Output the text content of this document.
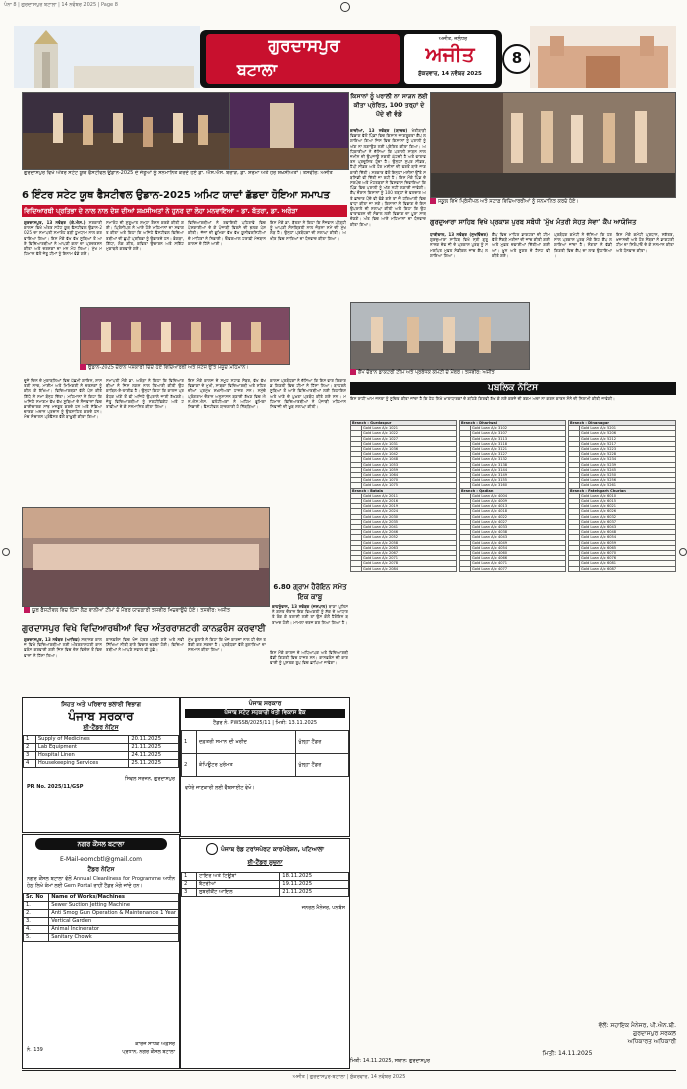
ਪੰਨਾ 8 | ਗੁਰਦਾਸਪੁਰ ਬਟਾਲਾ | 14 ਨਵੰਬਰ 2025 | Page 8
ਗੁਰਦਾਸਪੁਰ
ਬਟਾਲਾ
ਅਜੀਤ, ਜਲੰਧਰ
ਅਜੀਤ
ਸ਼ੁੱਕਰਵਾਰ, 14 ਨਵੰਬਰ 2025
8
ਗੁਰਦਾਸਪੁਰ ਵਿਖੇ ਅੰਤਰ ਸਟੇਟ ਯੂਥ ਫੈਸਟੀਵਲ ਉਡਾਨ-2025 ਦੇ ਜੇਤੂਆਂ ਨੂੰ ਸਨਮਾਨਿਤ ਕਰਦੇ ਹੋਏ ਡਾ. ਐਸ.ਐਸ. ਬਰਾੜ, ਡਾ. ਸ਼ਰਮਾ ਅਤੇ ਹੋਰ ਸ਼ਖ਼ਸੀਅਤਾਂ। ਤਸਵੀਰ: ਅਜੀਤ
6 ਇੰਟਰ ਸਟੇਟ ਯੂਥ ਫੈਸਟੀਵਲ ਉਡਾਨ-2025 ਅਮਿਟ ਯਾਦਾਂ ਛੱਡਦਾ ਹੋਇਆ ਸਮਾਪਤ
ਵਿਦਿਆਰਥੀ ਪ੍ਰਤਿਭਾ ਦੇ ਨਾਲ ਨਾਲ ਦੇਸ਼ ਦੀਆਂ ਸ਼ਖ਼ਸੀਅਤਾਂ ਨੇ ਹੁਨਰ ਦਾ ਲੋਹਾ ਮਨਵਾਇਆ - ਡਾ. ਬੱਤਰਾ, ਡਾ. ਅਰੋੜਾ
ਗੁਰਦਾਸਪੁਰ, 13 ਨਵੰਬਰ (ਕੇ.ਐਸ.) ਸਰਕਾਰੀ ਕਾਲਜ ਵਿਖੇ ਅੰਤਰ ਸਟੇਟ ਯੂਥ ਫੈਸਟੀਵਲ ਉਡਾਨ-2025 ਦਾ ਸਮਾਪਤੀ ਸਮਾਰੋਹ ਬੜੀ ਧੂਮਧਾਮ ਨਾਲ ਕਰਵਾਇਆ ਗਿਆ। ਇਸ ਮੌਕੇ ਵੱਖ ਵੱਖ ਸੂਬਿਆਂ ਤੋਂ ਆਏ ਵਿਦਿਆਰਥੀਆਂ ਨੇ ਆਪਣੀ ਕਲਾ ਦਾ ਪ੍ਰਦਰਸ਼ਨ ਕੀਤਾ ਅਤੇ ਦਰਸ਼ਕਾਂ ਦਾ ਮਨ ਮੋਹ ਲਿਆ। ਮੁੱਖ ਮਹਿਮਾਨ ਵੱਲੋਂ ਜੇਤੂ ਟੀਮਾਂ ਨੂੰ ਇਨਾਮ ਵੰਡੇ ਗਏ।
ਸਮਾਰੋਹ ਦੀ ਸ਼ੁਰੂਆਤ ਸ਼ਮ੍ਹਾ ਰੌਸ਼ਨ ਕਰਕੇ ਕੀਤੀ ਗਈ। ਪ੍ਰਿੰਸੀਪਲ ਨੇ ਆਏ ਹੋਏ ਮਹਿਮਾਨਾਂ ਦਾ ਸਵਾਗਤ ਕੀਤਾ ਅਤੇ ਕਿਹਾ ਕਿ ਅਜਿਹੇ ਫੈਸਟੀਵਲ ਵਿਦਿਆਰਥੀਆਂ ਦੀ ਛੁਪੀ ਪ੍ਰਤਿਭਾ ਨੂੰ ਉਭਾਰਦੇ ਹਨ। ਭੰਗੜਾ, ਗਿੱਧਾ, ਲੋਕ ਗੀਤ, ਕਵਿਤਾ ਉਚਾਰਨ ਅਤੇ ਸਕਿੱਟ ਮੁਕਾਬਲੇ ਕਰਵਾਏ ਗਏ।
ਵਿਦਿਆਰਥੀਆਂ ਨੇ ਰਵਾਇਤੀ ਪਹਿਰਾਵੇ ਵਿਚ ਪੇਸ਼ਕਾਰੀਆਂ ਦੇ ਕੇ ਪੰਜਾਬੀ ਵਿਰਸੇ ਦੀ ਝਲਕ ਪੇਸ਼ ਕੀਤੀ। ਜੱਜਾਂ ਦੀ ਭੂਮਿਕਾ ਵੱਖ ਵੱਖ ਯੂਨੀਵਰਸਿਟੀਆਂ ਦੇ ਮਾਹਿਰਾਂ ਨੇ ਨਿਭਾਈ। ਓਵਰਆਲ ਟਰਾਫ਼ੀ ਮੇਜ਼ਬਾਨ ਕਾਲਜ ਦੇ ਹਿੱਸੇ ਆਈ।
ਇਸ ਮੌਕੇ ਡਾ. ਬੱਤਰਾ ਨੇ ਕਿਹਾ ਕਿ ਨੌਜਵਾਨ ਪੀੜ੍ਹੀ ਨੂੰ ਆਪਣੀ ਸੰਸਕ੍ਰਿਤੀ ਨਾਲ ਜੋੜਨਾ ਸਮੇਂ ਦੀ ਮੁੱਖ ਲੋੜ ਹੈ। ਉਨ੍ਹਾਂ ਪ੍ਰਬੰਧਕਾਂ ਦੀ ਸ਼ਲਾਘਾ ਕੀਤੀ। ਅਖੀਰ ਵਿਚ ਸਾਰਿਆਂ ਦਾ ਧੰਨਵਾਦ ਕੀਤਾ ਗਿਆ।
ਉਡਾਨ-2025 ਦੌਰਾਨ ਪੇਸ਼ਕਾਰੀ ਦਿੰਦੇ ਹੋਏ ਵਿਦਿਆਰਥੀ ਅਤੇ ਸਟੇਜ ਉੱਤੇ ਮੌਜੂਦ ਮਹਿਮਾਨ।
ਦੂਜੇ ਦਿਨ ਦੇ ਮੁਕਾਬਲਿਆਂ ਵਿਚ ਪੱਛਮੀ ਗਾਇਨ, ਸ਼ਾਸਤਰੀ ਨਾਚ, ਮਾਈਮ ਅਤੇ ਮਿਮਿਕਰੀ ਨੇ ਦਰਸ਼ਕਾਂ ਨੂੰ ਕੀਲ ਕੇ ਰੱਖਿਆ। ਵਿਦਿਆਰਥਣਾਂ ਵੱਲੋਂ ਪੇਸ਼ ਕੀਤੇ ਗਿੱਧੇ ਨੇ ਸਮਾਂ ਬੰਨ੍ਹ ਦਿੱਤਾ। ਮਹਿਮਾਨਾਂ ਨੇ ਕਿਹਾ ਕਿ ਅਜਿਹੇ ਸਮਾਗਮ ਵੱਖ ਵੱਖ ਸੂਬਿਆਂ ਦੇ ਨੌਜਵਾਨਾਂ ਵਿਚ ਭਾਈਚਾਰਕ ਸਾਂਝ ਮਜ਼ਬੂਤ ਕਰਦੇ ਹਨ ਅਤੇ ਸੱਭਿਆਚਾਰਕ ਅਦਾਨ ਪ੍ਰਦਾਨ ਨੂੰ ਉਤਸ਼ਾਹਿਤ ਕਰਦੇ ਹਨ। ਮੰਚ ਸੰਚਾਲਨ ਪ੍ਰੋਫੈਸਰ ਵੱਲੋਂ ਬਾਖ਼ੂਬੀ ਕੀਤਾ ਗਿਆ।
ਸਮਾਪਤੀ ਮੌਕੇ ਡਾ. ਅਰੋੜਾ ਨੇ ਕਿਹਾ ਕਿ ਵਿਦਿਆਰਥੀਆਂ ਨੇ ਜਿਸ ਲਗਨ ਨਾਲ ਤਿਆਰੀ ਕੀਤੀ ਉਹ ਕਾਬਿਲ-ਏ-ਤਾਰੀਫ਼ ਹੈ। ਉਨ੍ਹਾਂ ਕਿਹਾ ਕਿ ਕਾਲਜ ਪ੍ਰਬੰਧਕ ਅੱਗੇ ਤੋਂ ਵੀ ਅਜਿਹੇ ਉਪਰਾਲੇ ਜਾਰੀ ਰੱਖਣਗੇ। ਜੇਤੂ ਵਿਦਿਆਰਥੀਆਂ ਨੂੰ ਸਰਟੀਫਿਕੇਟ ਅਤੇ ਟਰਾਫ਼ੀਆਂ ਦੇ ਕੇ ਸਨਮਾਨਿਤ ਕੀਤਾ ਗਿਆ।
ਇਸ ਮੌਕੇ ਕਾਲਜ ਦੇ ਸਮੂਹ ਸਟਾਫ਼ ਮੈਂਬਰ, ਵੱਖ ਵੱਖ ਵਿਭਾਗਾਂ ਦੇ ਮੁਖੀ, ਸਾਬਕਾ ਵਿਦਿਆਰਥੀ ਅਤੇ ਸ਼ਹਿਰ ਦੀਆਂ ਪ੍ਰਮੁੱਖ ਸ਼ਖ਼ਸੀਅਤਾਂ ਹਾਜ਼ਰ ਸਨ। ਸਮੁੱਚੇ ਪ੍ਰੋਗਰਾਮ ਦੌਰਾਨ ਅਨੁਸ਼ਾਸਨ ਬਣਾਈ ਰੱਖਣ ਵਿਚ ਐਨ.ਐਸ.ਐਸ. ਵਲੰਟੀਅਰਾਂ ਨੇ ਅਹਿਮ ਭੂਮਿਕਾ ਨਿਭਾਈ। ਫੈਸਟੀਵਲ ਯਾਦਗਾਰੀ ਹੋ ਨਿੱਬੜਿਆ।
ਕਾਲਜ ਪ੍ਰਬੰਧਕਾਂ ਨੇ ਦੱਸਿਆ ਕਿ ਇਸ ਵਾਰ ਰਿਕਾਰਡ ਗਿਣਤੀ ਵਿਚ ਟੀਮਾਂ ਨੇ ਹਿੱਸਾ ਲਿਆ। ਬਾਹਰਲੇ ਸੂਬਿਆਂ ਤੋਂ ਆਏ ਵਿਦਿਆਰਥੀਆਂ ਲਈ ਰਿਹਾਇਸ਼ ਅਤੇ ਖਾਣੇ ਦੇ ਪੁਖ਼ਤਾ ਪ੍ਰਬੰਧ ਕੀਤੇ ਗਏ ਸਨ। ਮਹਿਮਾਨ ਵਿਦਿਆਰਥੀਆਂ ਨੇ ਪੰਜਾਬੀ ਮਹਿਮਾਨ ਨਿਵਾਜ਼ੀ ਦੀ ਖੂਬ ਸ਼ਲਾਘਾ ਕੀਤੀ।
ਯੂਥ ਫੈਸਟੀਵਲ ਵਿਚ ਹਿੱਸਾ ਲੈਣ ਵਾਲੀਆਂ ਟੀਮਾਂ ਦੇ ਮੈਂਬਰ ਯਾਦਗਾਰੀ ਤਸਵੀਰ ਖਿਚਵਾਉਂਦੇ ਹੋਏ। ਤਸਵੀਰ: ਅਜੀਤ
6.80 ਗ੍ਰਾਮ ਹੈਰੋਇਨ ਸਮੇਤ ਇਕ ਕਾਬੂ
ਕਾਹਨੂੰਵਾਨ, 13 ਨਵੰਬਰ (ਜਸਪਾਲ) ਥਾਣਾ ਪੁਲਿਸ ਨੇ ਗਸ਼ਤ ਦੌਰਾਨ ਇਕ ਵਿਅਕਤੀ ਨੂੰ ਸ਼ੱਕ ਦੇ ਆਧਾਰ ਤੇ ਰੋਕ ਕੇ ਤਲਾਸ਼ੀ ਲਈ ਤਾਂ ਉਸ ਕੋਲੋਂ ਹੈਰੋਇਨ ਬਰਾਮਦ ਹੋਈ। ਮਾਮਲਾ ਦਰਜ ਕਰ ਲਿਆ ਗਿਆ ਹੈ।
ਗੁਰਦਾਸਪੁਰ ਵਿਖੇ ਵਿਦਿਆਰਥੀਆਂ ਵਿਚ ਅੰਤਰਰਾਸ਼ਟਰੀ ਕਾਨਫ਼ਰੰਸ ਕਰਵਾਈ
ਗੁਰਦਾਸਪੁਰ, 13 ਨਵੰਬਰ (ਆਰਿਫ਼) ਸਥਾਨਕ ਕਾਲਜ ਵਿਖੇ ਵਿਦਿਆਰਥੀਆਂ ਲਈ ਅੰਤਰਰਾਸ਼ਟਰੀ ਕਾਨਫ਼ਰੰਸ ਕਰਵਾਈ ਗਈ ਜਿਸ ਵਿਚ ਦੇਸ਼ ਵਿਦੇਸ਼ ਤੋਂ ਵਿਦਵਾਨਾਂ ਨੇ ਹਿੱਸਾ ਲਿਆ।
ਕਾਨਫ਼ਰੰਸ ਵਿਚ ਖੋਜ ਪੱਤਰ ਪੜ੍ਹੇ ਗਏ ਅਤੇ ਨਵੀਂ ਸਿੱਖਿਆ ਨੀਤੀ ਬਾਰੇ ਵਿਚਾਰ ਚਰਚਾ ਹੋਈ। ਵਿਦਿਆਰਥੀਆਂ ਨੇ ਆਪਣੇ ਸਵਾਲ ਵੀ ਪੁੱਛੇ।
ਮੁੱਖ ਬੁਲਾਰੇ ਨੇ ਕਿਹਾ ਕਿ ਖੋਜ ਕਾਰਜਾਂ ਨਾਲ ਹੀ ਦੇਸ਼ ਤਰੱਕੀ ਕਰ ਸਕਦਾ ਹੈ। ਪ੍ਰਬੰਧਕਾਂ ਵੱਲੋਂ ਬੁਲਾਰਿਆਂ ਦਾ ਸਨਮਾਨ ਕੀਤਾ ਗਿਆ।
ਇਸ ਮੌਕੇ ਕਾਲਜ ਦੇ ਅਧਿਆਪਕ ਅਤੇ ਵਿਦਿਆਰਥੀ ਵੱਡੀ ਗਿਣਤੀ ਵਿਚ ਹਾਜ਼ਰ ਸਨ। ਕਾਨਫ਼ਰੰਸ ਦੀ ਕਾਰਵਾਈ ਨੂੰ ਪੁਸਤਕ ਰੂਪ ਵਿਚ ਛਾਪਿਆ ਜਾਵੇਗਾ।
ਸਿਹਤ ਅਤੇ ਪਰਿਵਾਰ ਭਲਾਈ ਵਿਭਾਗ
ਪੰਜਾਬ ਸਰਕਾਰ
ਈ-ਟੈਂਡਰ ਨੋਟਿਸ
1	Supply of Medicines	20.11.2025
2	Lab Equipment	21.11.2025
3	Hospital Linen	24.11.2025
4	Housekeeping Services	25.11.2025
ਸਿਵਲ ਸਰਜਨ, ਗੁਰਦਾਸਪੁਰ
PR No. 2025/11/GSP
ਨਗਰ ਕੌਂਸਲ ਬਟਾਲਾ
E-Mail-eomcbtl@gmail.com
ਟੈਂਡਰ ਨੋਟਿਸ
ਨਗਰ ਕੌਂਸਲ ਬਟਾਲਾ ਵੱਲੋਂ Annual Cleanliness for Programme ਅਧੀਨ ਹੇਠ ਲਿਖੇ ਕੰਮਾਂ ਲਈ Gem Portal ਰਾਹੀਂ ਟੈਂਡਰ ਮੰਗੇ ਜਾਂਦੇ ਹਨ।
Sr. No	Name of Works/Machines
1.	Sewer Suction Jetting Machine
2.	Anti Smog Gun Operation & Maintenance 1 Year
3.	Vertical Garden
4.	Animal Incinerator
5.	Sanitary Chowk
ਨੰ. 139
ਕਾਰਜ ਸਾਧਕ ਅਫ਼ਸਰ
ਪ੍ਰਧਾਨ, ਨਗਰ ਕੌਂਸਲ ਬਟਾਲਾ
ਪੰਜਾਬ ਸਰਕਾਰ
ਪੰਜਾਬ ਸਟੇਟ ਸਹਕਾਰੀ ਖੇਤੀ ਵਿਕਾਸ ਬੈਂਕ
ਟੈਂਡਰ ਨੰ. PWSSB/2025/11 | ਮਿਤੀ: 13.11.2025
1	ਦਫ਼ਤਰੀ ਸਮਾਨ ਦੀ ਖ਼ਰੀਦ	ਖੁੱਲ੍ਹਾ ਟੈਂਡਰ
2	ਕੰਪਿਊਟਰ ਮੁਰੰਮਤ	ਖੁੱਲ੍ਹਾ ਟੈਂਡਰ
ਵਧੇਰੇ ਜਾਣਕਾਰੀ ਲਈ ਵੈੱਬਸਾਈਟ ਵੇਖੋ।
ਪੰਜਾਬ ਰੋਡ ਟਰਾਂਸਪੋਰਟ ਕਾਰਪੋਰੇਸ਼ਨ, ਪਟਿਆਲਾ
ਈ-ਟੈਂਡਰ ਸੂਚਨਾ
1	ਟਾਇਰ ਅਤੇ ਟਿਊਬਾਂ	18.11.2025
2	ਬੈਟਰੀਆਂ	19.11.2025
3	ਲੁਬਰੀਕੈਂਟ ਆਇਲ	21.11.2025
ਜਨਰਲ ਮੈਨੇਜਰ, ਪਨਬੱਸ
ਕਿਸਾਨਾਂ ਨੂੰ ਪਰਾਲੀ ਨਾ ਸਾੜਨ ਲਈ ਕੀਤਾ ਪ੍ਰੇਰਿਤ, 100 ਤਰ੍ਹਾਂ ਦੇ ਪੌਦੇ ਵੀ ਵੰਡੇ
ਕਾਦੀਆਂ, 13 ਨਵੰਬਰ (ਯਾਦਵ) ਖੇਤੀਬਾੜੀ ਵਿਭਾਗ ਵੱਲੋਂ ਪਿੰਡਾਂ ਵਿਚ ਕਿਸਾਨ ਜਾਗਰੂਕਤਾ ਕੈਂਪ ਲਗਾਇਆ ਗਿਆ ਜਿਸ ਵਿਚ ਕਿਸਾਨਾਂ ਨੂੰ ਪਰਾਲੀ ਨੂੰ ਅੱਗ ਨਾ ਲਗਾਉਣ ਲਈ ਪ੍ਰੇਰਿਤ ਕੀਤਾ ਗਿਆ। ਅਧਿਕਾਰੀਆਂ ਨੇ ਦੱਸਿਆ ਕਿ ਪਰਾਲੀ ਸਾੜਨ ਨਾਲ ਜ਼ਮੀਨ ਦੀ ਉਪਜਾਊ ਸ਼ਕਤੀ ਘੱਟਦੀ ਹੈ ਅਤੇ ਵਾਤਾਵਰਨ ਪ੍ਰਦੂਸ਼ਿਤ ਹੁੰਦਾ ਹੈ। ਉਨ੍ਹਾਂ ਸੁਪਰ ਸੀਡਰ, ਹੈਪੀ ਸੀਡਰ ਅਤੇ ਹੋਰ ਮਸ਼ੀਨਾਂ ਦੀ ਵਰਤੋਂ ਬਾਰੇ ਜਾਣਕਾਰੀ ਦਿੱਤੀ। ਸਰਕਾਰ ਵੱਲੋਂ ਇਨ੍ਹਾਂ ਮਸ਼ੀਨਾਂ ਉੱਤੇ ਸਬਸਿਡੀ ਵੀ ਦਿੱਤੀ ਜਾ ਰਹੀ ਹੈ। ਇਸ ਮੌਕੇ ਪਿੰਡ ਦੇ ਸਰਪੰਚ ਅਤੇ ਮੋਹਤਬਰਾਂ ਨੇ ਵਿਸ਼ਵਾਸ ਦਿਵਾਇਆ ਕਿ ਪਿੰਡ ਵਿਚ ਪਰਾਲੀ ਨੂੰ ਅੱਗ ਨਹੀਂ ਲਗਾਈ ਜਾਵੇਗੀ। ਕੈਂਪ ਦੌਰਾਨ ਕਿਸਾਨਾਂ ਨੂੰ 100 ਤਰ੍ਹਾਂ ਦੇ ਫਲਦਾਰ ਅਤੇ ਛਾਂਦਾਰ ਪੌਦੇ ਵੀ ਵੰਡੇ ਗਏ ਤਾਂ ਜੋ ਹਰਿਆਲੀ ਵਿਚ ਵਾਧਾ ਕੀਤਾ ਜਾ ਸਕੇ। ਕਿਸਾਨਾਂ ਨੇ ਵਿਭਾਗ ਦੇ ਇਸ ਉਪਰਾਲੇ ਦੀ ਸ਼ਲਾਘਾ ਕੀਤੀ ਅਤੇ ਕਿਹਾ ਕਿ ਉਹ ਵਾਤਾਵਰਨ ਦੀ ਸੰਭਾਲ ਲਈ ਵਿਭਾਗ ਦਾ ਪੂਰਾ ਸਾਥ ਦੇਣਗੇ। ਅੰਤ ਵਿਚ ਆਏ ਮਹਿਮਾਨਾਂ ਦਾ ਧੰਨਵਾਦ ਕੀਤਾ ਗਿਆ।
ਸਕੂਲ ਵਿਖੇ ਪ੍ਰਿੰਸੀਪਲ ਅਤੇ ਸਟਾਫ਼ ਵਿਦਿਆਰਥੀਆਂ ਨੂੰ ਸਨਮਾਨਿਤ ਕਰਦੇ ਹੋਏ।
ਗੁਰਦੁਆਰਾ ਸਾਹਿਬ ਵਿਖੇ ਪ੍ਰਕਾਸ਼ ਪੁਰਬ ਸਬੰਧੀ 'ਮੁੱਖ ਮੰਤਰੀ ਸੇਹਤ ਸੇਵਾ' ਕੈਂਪ ਆਯੋਜਿਤ
ਧਾਰੀਵਾਲ, 13 ਨਵੰਬਰ (ਸੁਖਵਿੰਦਰ) ਗੁਰਦੁਆਰਾ ਸਾਹਿਬ ਵਿਖੇ ਸ੍ਰੀ ਗੁਰੂ ਨਾਨਕ ਦੇਵ ਜੀ ਦੇ ਪ੍ਰਕਾਸ਼ ਪੁਰਬ ਨੂੰ ਸਮਰਪਿਤ ਮੁਫ਼ਤ ਮੈਡੀਕਲ ਜਾਂਚ ਕੈਂਪ ਲਗਾਇਆ ਗਿਆ।
ਕੈਂਪ ਵਿਚ ਮਾਹਿਰ ਡਾਕਟਰਾਂ ਦੀ ਟੀਮ ਵੱਲੋਂ ਸੈਂਕੜੇ ਮਰੀਜ਼ਾਂ ਦੀ ਜਾਂਚ ਕੀਤੀ ਗਈ ਅਤੇ ਮੁਫ਼ਤ ਦਵਾਈਆਂ ਦਿੱਤੀਆਂ ਗਈਆਂ। ਖ਼ੂਨ ਅਤੇ ਸ਼ੂਗਰ ਦੇ ਟੈਸਟ ਵੀ ਕੀਤੇ ਗਏ।
ਪ੍ਰਬੰਧਕ ਕਮੇਟੀ ਨੇ ਦੱਸਿਆ ਕਿ ਹਰ ਸਾਲ ਪ੍ਰਕਾਸ਼ ਪੁਰਬ ਮੌਕੇ ਇਹ ਕੈਂਪ ਲਗਾਇਆ ਜਾਂਦਾ ਹੈ। ਸੰਗਤਾਂ ਨੇ ਵੱਡੀ ਗਿਣਤੀ ਵਿਚ ਕੈਂਪ ਦਾ ਲਾਭ ਉਠਾਇਆ।
ਇਸ ਮੌਕੇ ਕਮੇਟੀ ਪ੍ਰਧਾਨ, ਸਕੱਤਰ, ਖ਼ਜ਼ਾਨਚੀ ਅਤੇ ਹੋਰ ਮੈਂਬਰਾਂ ਨੇ ਡਾਕਟਰੀ ਟੀਮ ਦਾ ਸਿਰੋਪਾਓ ਦੇ ਕੇ ਸਨਮਾਨ ਕੀਤਾ ਅਤੇ ਧੰਨਵਾਦ ਕੀਤਾ।
ਕੈਂਪ ਦੌਰਾਨ ਡਾਕਟਰੀ ਟੀਮ ਅਤੇ ਪ੍ਰਬੰਧਕ ਕਮੇਟੀ ਦੇ ਮੈਂਬਰ। ਤਸਵੀਰ: ਅਜੀਤ
ਪਬਲਿਕ ਨੋਟਿਸ
ਇਸ ਰਾਹੀਂ ਆਮ ਜਨਤਾ ਨੂੰ ਸੂਚਿਤ ਕੀਤਾ ਜਾਂਦਾ ਹੈ ਕਿ ਹੇਠ ਲਿਖੇ ਖ਼ਾਤਾਧਾਰਕਾਂ ਦੇ ਗਹਿਣੇ ਗਿਰਵੀ ਰੱਖ ਕੇ ਲਏ ਕਰਜ਼ੇ ਦੀ ਰਕਮ ਅਦਾ ਨਾ ਕਰਨ ਕਾਰਨ ਸੋਨੇ ਦੀ ਨਿਲਾਮੀ ਕੀਤੀ ਜਾਵੇਗੀ।
Branch : Gurdaspur	
	Gold Loan A/c 1021
	Gold Loan A/c 1022
	Gold Loan A/c 1027
	Gold Loan A/c 1031
	Gold Loan A/c 1036
	Gold Loan A/c 1042
	Gold Loan A/c 1048
	Gold Loan A/c 1053
	Gold Loan A/c 1059
	Gold Loan A/c 1064
	Gold Loan A/c 1070
	Gold Loan A/c 1075
Branch : Batala	
	Gold Loan A/c 2011
	Gold Loan A/c 2016
	Gold Loan A/c 2019
	Gold Loan A/c 2024
	Gold Loan A/c 2030
	Gold Loan A/c 2035
	Gold Loan A/c 2041
	Gold Loan A/c 2046
	Gold Loan A/c 2052
	Gold Loan A/c 2058
	Gold Loan A/c 2063
	Gold Loan A/c 2067
	Gold Loan A/c 2071
	Gold Loan A/c 2078
	Gold Loan A/c 2084
Branch : Dhariwal	
	Gold Loan A/c 3102
	Gold Loan A/c 3107
	Gold Loan A/c 3113
	Gold Loan A/c 3118
	Gold Loan A/c 3121
	Gold Loan A/c 3127
	Gold Loan A/c 3132
	Gold Loan A/c 3138
	Gold Loan A/c 3144
	Gold Loan A/c 3149
	Gold Loan A/c 3155
	Gold Loan A/c 3160
Branch : Qadian	
	Gold Loan A/c 4004
	Gold Loan A/c 4009
	Gold Loan A/c 4013
	Gold Loan A/c 4018
	Gold Loan A/c 4022
	Gold Loan A/c 4027
	Gold Loan A/c 4033
	Gold Loan A/c 4038
	Gold Loan A/c 4043
	Gold Loan A/c 4049
	Gold Loan A/c 4054
	Gold Loan A/c 4060
	Gold Loan A/c 4066
	Gold Loan A/c 4071
	Gold Loan A/c 4077
Branch : Dinanagar	
	Gold Loan A/c 5201
	Gold Loan A/c 5206
	Gold Loan A/c 5212
	Gold Loan A/c 5217
	Gold Loan A/c 5223
	Gold Loan A/c 5228
	Gold Loan A/c 5234
	Gold Loan A/c 5239
	Gold Loan A/c 5245
	Gold Loan A/c 5250
	Gold Loan A/c 5256
	Gold Loan A/c 5261
Branch : Fatehgarh Churian	
	Gold Loan A/c 6010
	Gold Loan A/c 6015
	Gold Loan A/c 6021
	Gold Loan A/c 6026
	Gold Loan A/c 6032
	Gold Loan A/c 6037
	Gold Loan A/c 6043
	Gold Loan A/c 6048
	Gold Loan A/c 6054
	Gold Loan A/c 6059
	Gold Loan A/c 6065
	Gold Loan A/c 6070
	Gold Loan A/c 6076
	Gold Loan A/c 6081
	Gold Loan A/c 6087
ਵੱਲੋਂ: ਸਹਾਇਕ ਮੈਨੇਜਰ, ਪੀ.ਐਨ.ਬੀ.
ਗੁਰਦਾਸਪੁਰ ਸਰਕਲ
ਅਧਿਕਾਰਤ ਅਧਿਕਾਰੀ
ਮਿਤੀ: 14.11.2025
ਮਿਤੀ: 14.11.2025, ਸਥਾਨ: ਗੁਰਦਾਸਪੁਰ
ਅਜੀਤ | ਗੁਰਦਾਸਪੁਰ-ਬਟਾਲਾ | ਸ਼ੁੱਕਰਵਾਰ, 14 ਨਵੰਬਰ 2025
